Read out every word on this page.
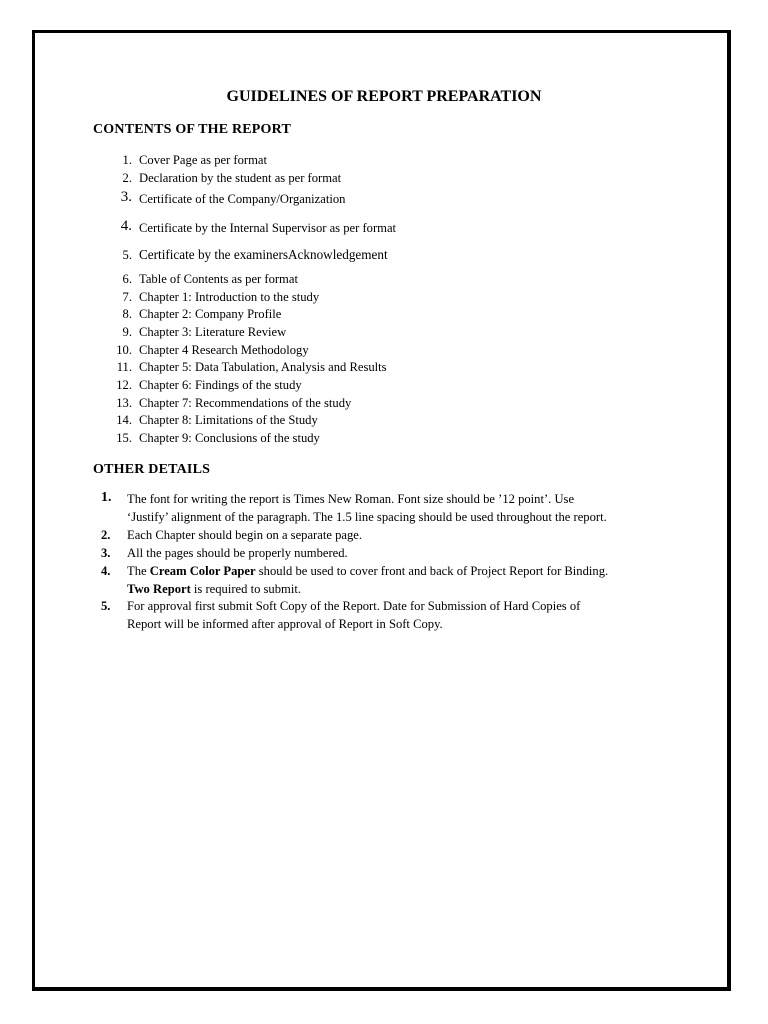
GUIDELINES OF REPORT PREPARATION
CONTENTS OF THE REPORT
1. Cover Page as per format
2. Declaration by the student as per format
3. Certificate of the Company/Organization
4. Certificate by the Internal Supervisor as per format
5. Certificate by the examinersAcknowledgement
6. Table of Contents as per format
7. Chapter 1: Introduction to the study
8. Chapter 2: Company Profile
9. Chapter 3: Literature Review
10. Chapter 4 Research Methodology
11. Chapter 5: Data Tabulation, Analysis and Results
12. Chapter 6: Findings of the study
13. Chapter 7: Recommendations of the study
14. Chapter 8: Limitations of the Study
15. Chapter 9: Conclusions of the study
OTHER DETAILS
1. The font for writing the report is Times New Roman. Font size should be ’12 point’. Use
‘Justify’ alignment of the paragraph. The 1.5 line spacing should be used throughout the report.
2. Each Chapter should begin on a separate page.
3. All the pages should be properly numbered.
4. The Cream Color Paper should be used to cover front and back of Project Report for Binding.
Two Report is required to submit.
5. For approval first submit Soft Copy of the Report. Date for Submission of Hard Copies of
Report will be informed after approval of Report in Soft Copy.
